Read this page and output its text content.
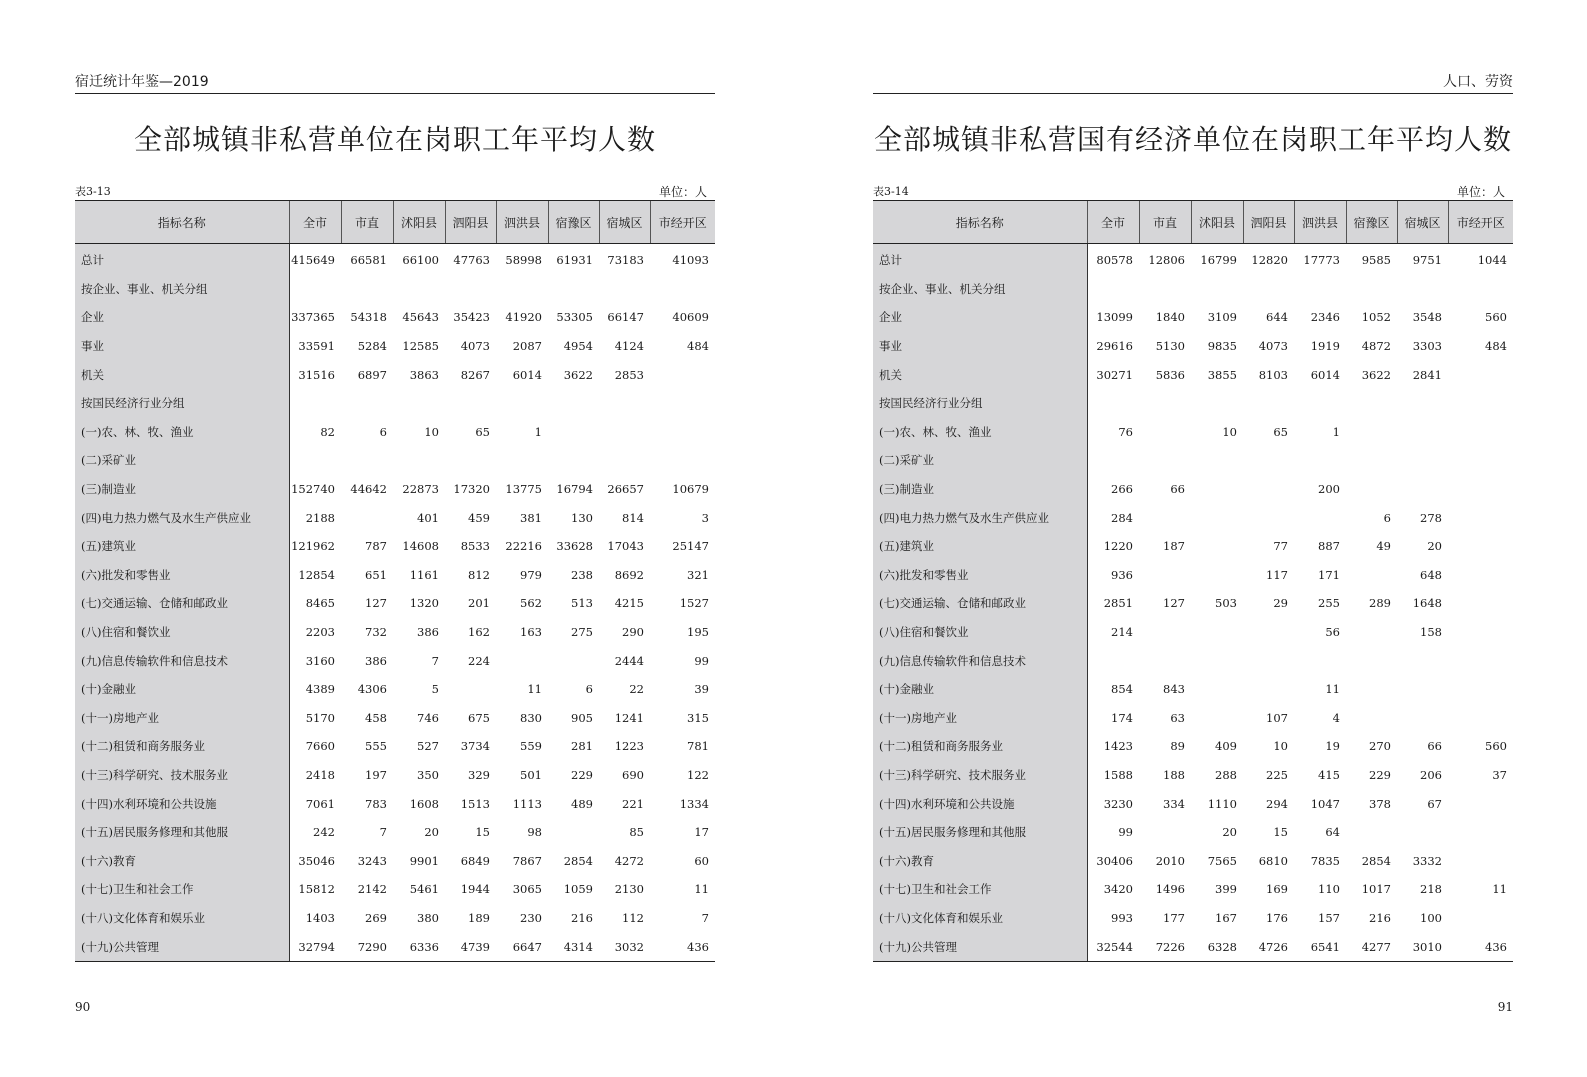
宿迁统计年鉴—2019
全部城镇非私营单位在岗职工年平均人数
表3-13	单位：人
指标名称	全市	市直	沭阳县	泗阳县	泗洪县	宿豫区	宿城区	市经开区
总计	415649	66581	66100	47763	58998	61931	73183	41093
按企业、事业、机关分组								
企业	337365	54318	45643	35423	41920	53305	66147	40609
事业	33591	5284	12585	4073	2087	4954	4124	484
机关	31516	6897	3863	8267	6014	3622	2853	
按国民经济行业分组								
(一)农、林、牧、渔业	82	6	10	65	1			
(二)采矿业								
(三)制造业	152740	44642	22873	17320	13775	16794	26657	10679
(四)电力热力燃气及水生产供应业	2188		401	459	381	130	814	3
(五)建筑业	121962	787	14608	8533	22216	33628	17043	25147
(六)批发和零售业	12854	651	1161	812	979	238	8692	321
(七)交通运输、仓储和邮政业	8465	127	1320	201	562	513	4215	1527
(八)住宿和餐饮业	2203	732	386	162	163	275	290	195
(九)信息传输软件和信息技术	3160	386	7	224			2444	99
(十)金融业	4389	4306	5		11	6	22	39
(十一)房地产业	5170	458	746	675	830	905	1241	315
(十二)租赁和商务服务业	7660	555	527	3734	559	281	1223	781
(十三)科学研究、技术服务业	2418	197	350	329	501	229	690	122
(十四)水利环境和公共设施	7061	783	1608	1513	1113	489	221	1334
(十五)居民服务修理和其他服	242	7	20	15	98		85	17
(十六)教育	35046	3243	9901	6849	7867	2854	4272	60
(十七)卫生和社会工作	15812	2142	5461	1944	3065	1059	2130	11
(十八)文化体育和娱乐业	1403	269	380	189	230	216	112	7
(十九)公共管理	32794	7290	6336	4739	6647	4314	3032	436
90
人口、劳资
全部城镇非私营国有经济单位在岗职工年平均人数
表3-14	单位：人
指标名称	全市	市直	沭阳县	泗阳县	泗洪县	宿豫区	宿城区	市经开区
总计	80578	12806	16799	12820	17773	9585	9751	1044
按企业、事业、机关分组								
企业	13099	1840	3109	644	2346	1052	3548	560
事业	29616	5130	9835	4073	1919	4872	3303	484
机关	30271	5836	3855	8103	6014	3622	2841	
按国民经济行业分组								
(一)农、林、牧、渔业	76		10	65	1			
(二)采矿业								
(三)制造业	266	66			200			
(四)电力热力燃气及水生产供应业	284					6	278	
(五)建筑业	1220	187		77	887	49	20	
(六)批发和零售业	936			117	171		648	
(七)交通运输、仓储和邮政业	2851	127	503	29	255	289	1648	
(八)住宿和餐饮业	214				56		158	
(九)信息传输软件和信息技术								
(十)金融业	854	843			11			
(十一)房地产业	174	63		107	4			
(十二)租赁和商务服务业	1423	89	409	10	19	270	66	560
(十三)科学研究、技术服务业	1588	188	288	225	415	229	206	37
(十四)水利环境和公共设施	3230	334	1110	294	1047	378	67	
(十五)居民服务修理和其他服	99		20	15	64			
(十六)教育	30406	2010	7565	6810	7835	2854	3332	
(十七)卫生和社会工作	3420	1496	399	169	110	1017	218	11
(十八)文化体育和娱乐业	993	177	167	176	157	216	100	
(十九)公共管理	32544	7226	6328	4726	6541	4277	3010	436
91
